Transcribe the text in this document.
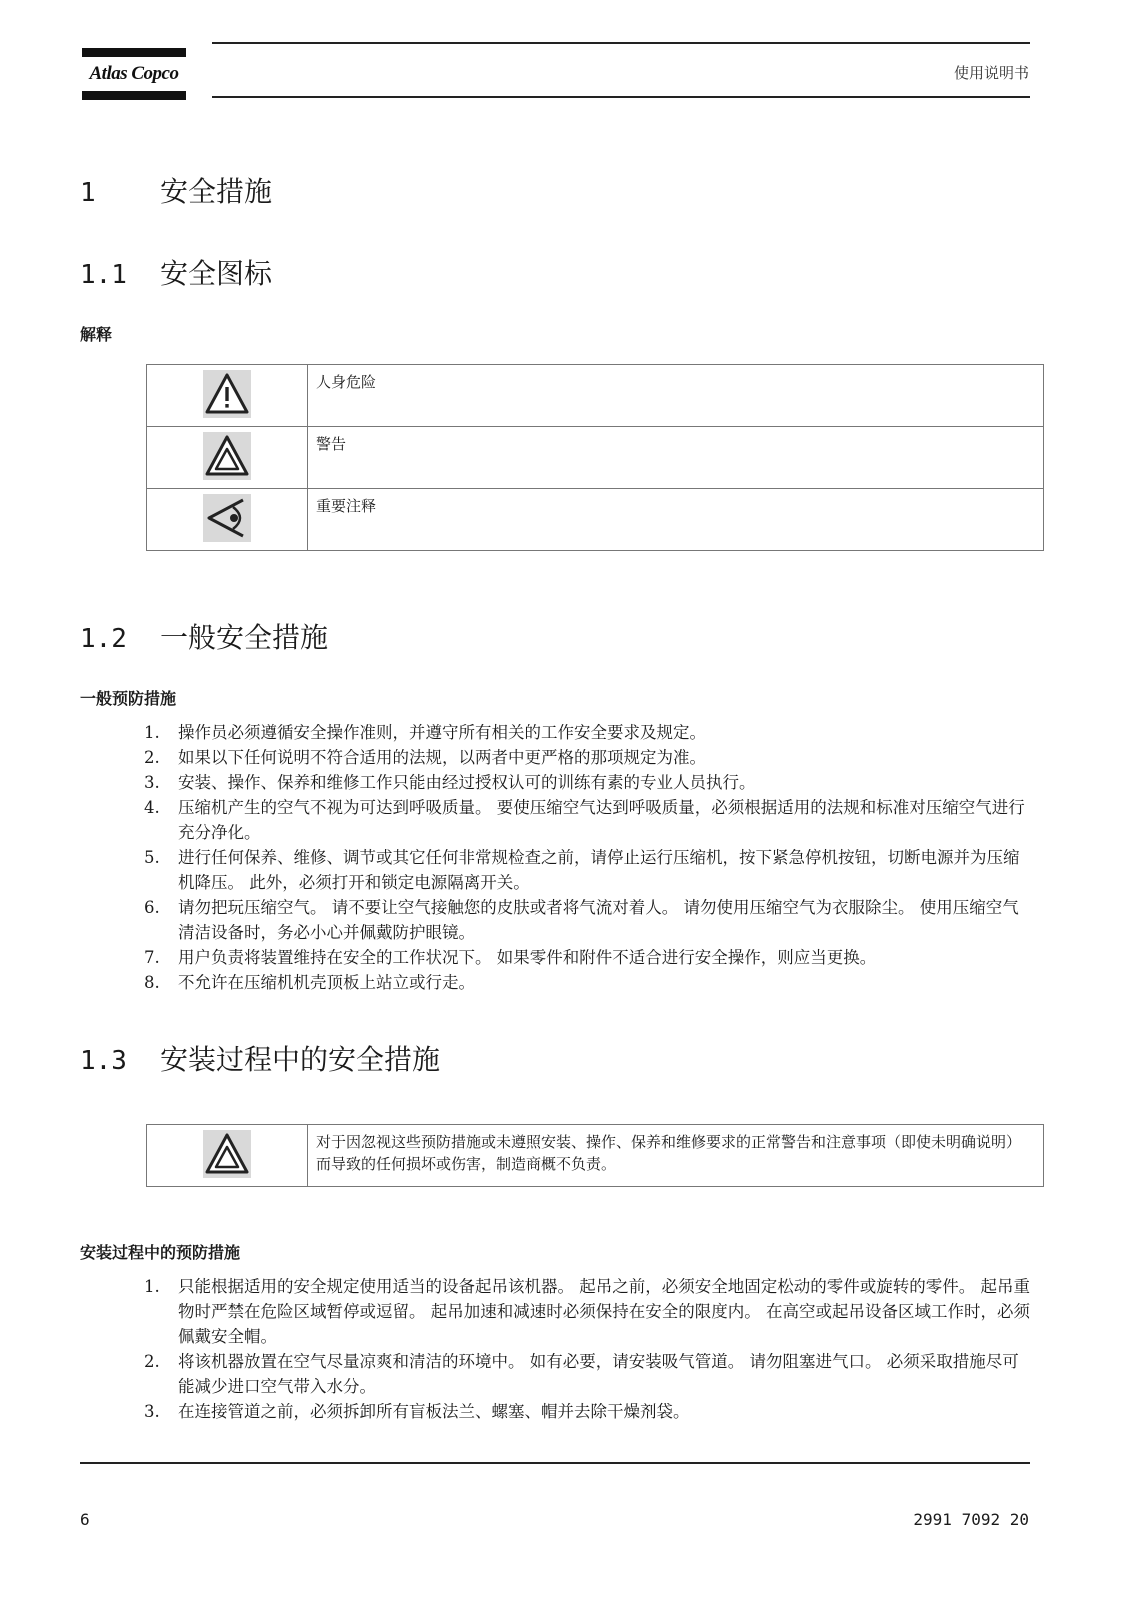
Atlas Copco	使用说明书
1 安全措施
1.1 安全图标
解释
	人身危险
	警告
	重要注释
1.2 一般安全措施
一般预防措施
1.	操作员必须遵循安全操作准则，并遵守所有相关的工作安全要求及规定。
2.	如果以下任何说明不符合适用的法规，以两者中更严格的那项规定为准。
3.	安装、操作、保养和维修工作只能由经过授权认可的训练有素的专业人员执行。
4.	压缩机产生的空气不视为可达到呼吸质量。 要使压缩空气达到呼吸质量，必须根据适用的法规和标准对压缩空气进行充分净化。
5.	进行任何保养、维修、调节或其它任何非常规检查之前，请停止运行压缩机，按下紧急停机按钮，切断电源并为压缩机降压。 此外，必须打开和锁定电源隔离开关。
6.	请勿把玩压缩空气。 请不要让空气接触您的皮肤或者将气流对着人。 请勿使用压缩空气为衣服除尘。 使用压缩空气清洁设备时，务必小心并佩戴防护眼镜。
7.	用户负责将装置维持在安全的工作状况下。 如果零件和附件不适合进行安全操作，则应当更换。
8.	不允许在压缩机机壳顶板上站立或行走。
1.3 安装过程中的安全措施
	对于因忽视这些预防措施或未遵照安装、操作、保养和维修要求的正常警告和注意事项（即使未明确说明）而导致的任何损坏或伤害，制造商概不负责。
安装过程中的预防措施
1.	只能根据适用的安全规定使用适当的设备起吊该机器。 起吊之前，必须安全地固定松动的零件或旋转的零件。 起吊重物时严禁在危险区域暂停或逗留。 起吊加速和减速时必须保持在安全的限度内。 在高空或起吊设备区域工作时，必须佩戴安全帽。
2.	将该机器放置在空气尽量凉爽和清洁的环境中。 如有必要，请安装吸气管道。 请勿阻塞进气口。 必须采取措施尽可能减少进口空气带入水分。
3.	在连接管道之前，必须拆卸所有盲板法兰、螺塞、帽并去除干燥剂袋。
6	2991 7092 20
